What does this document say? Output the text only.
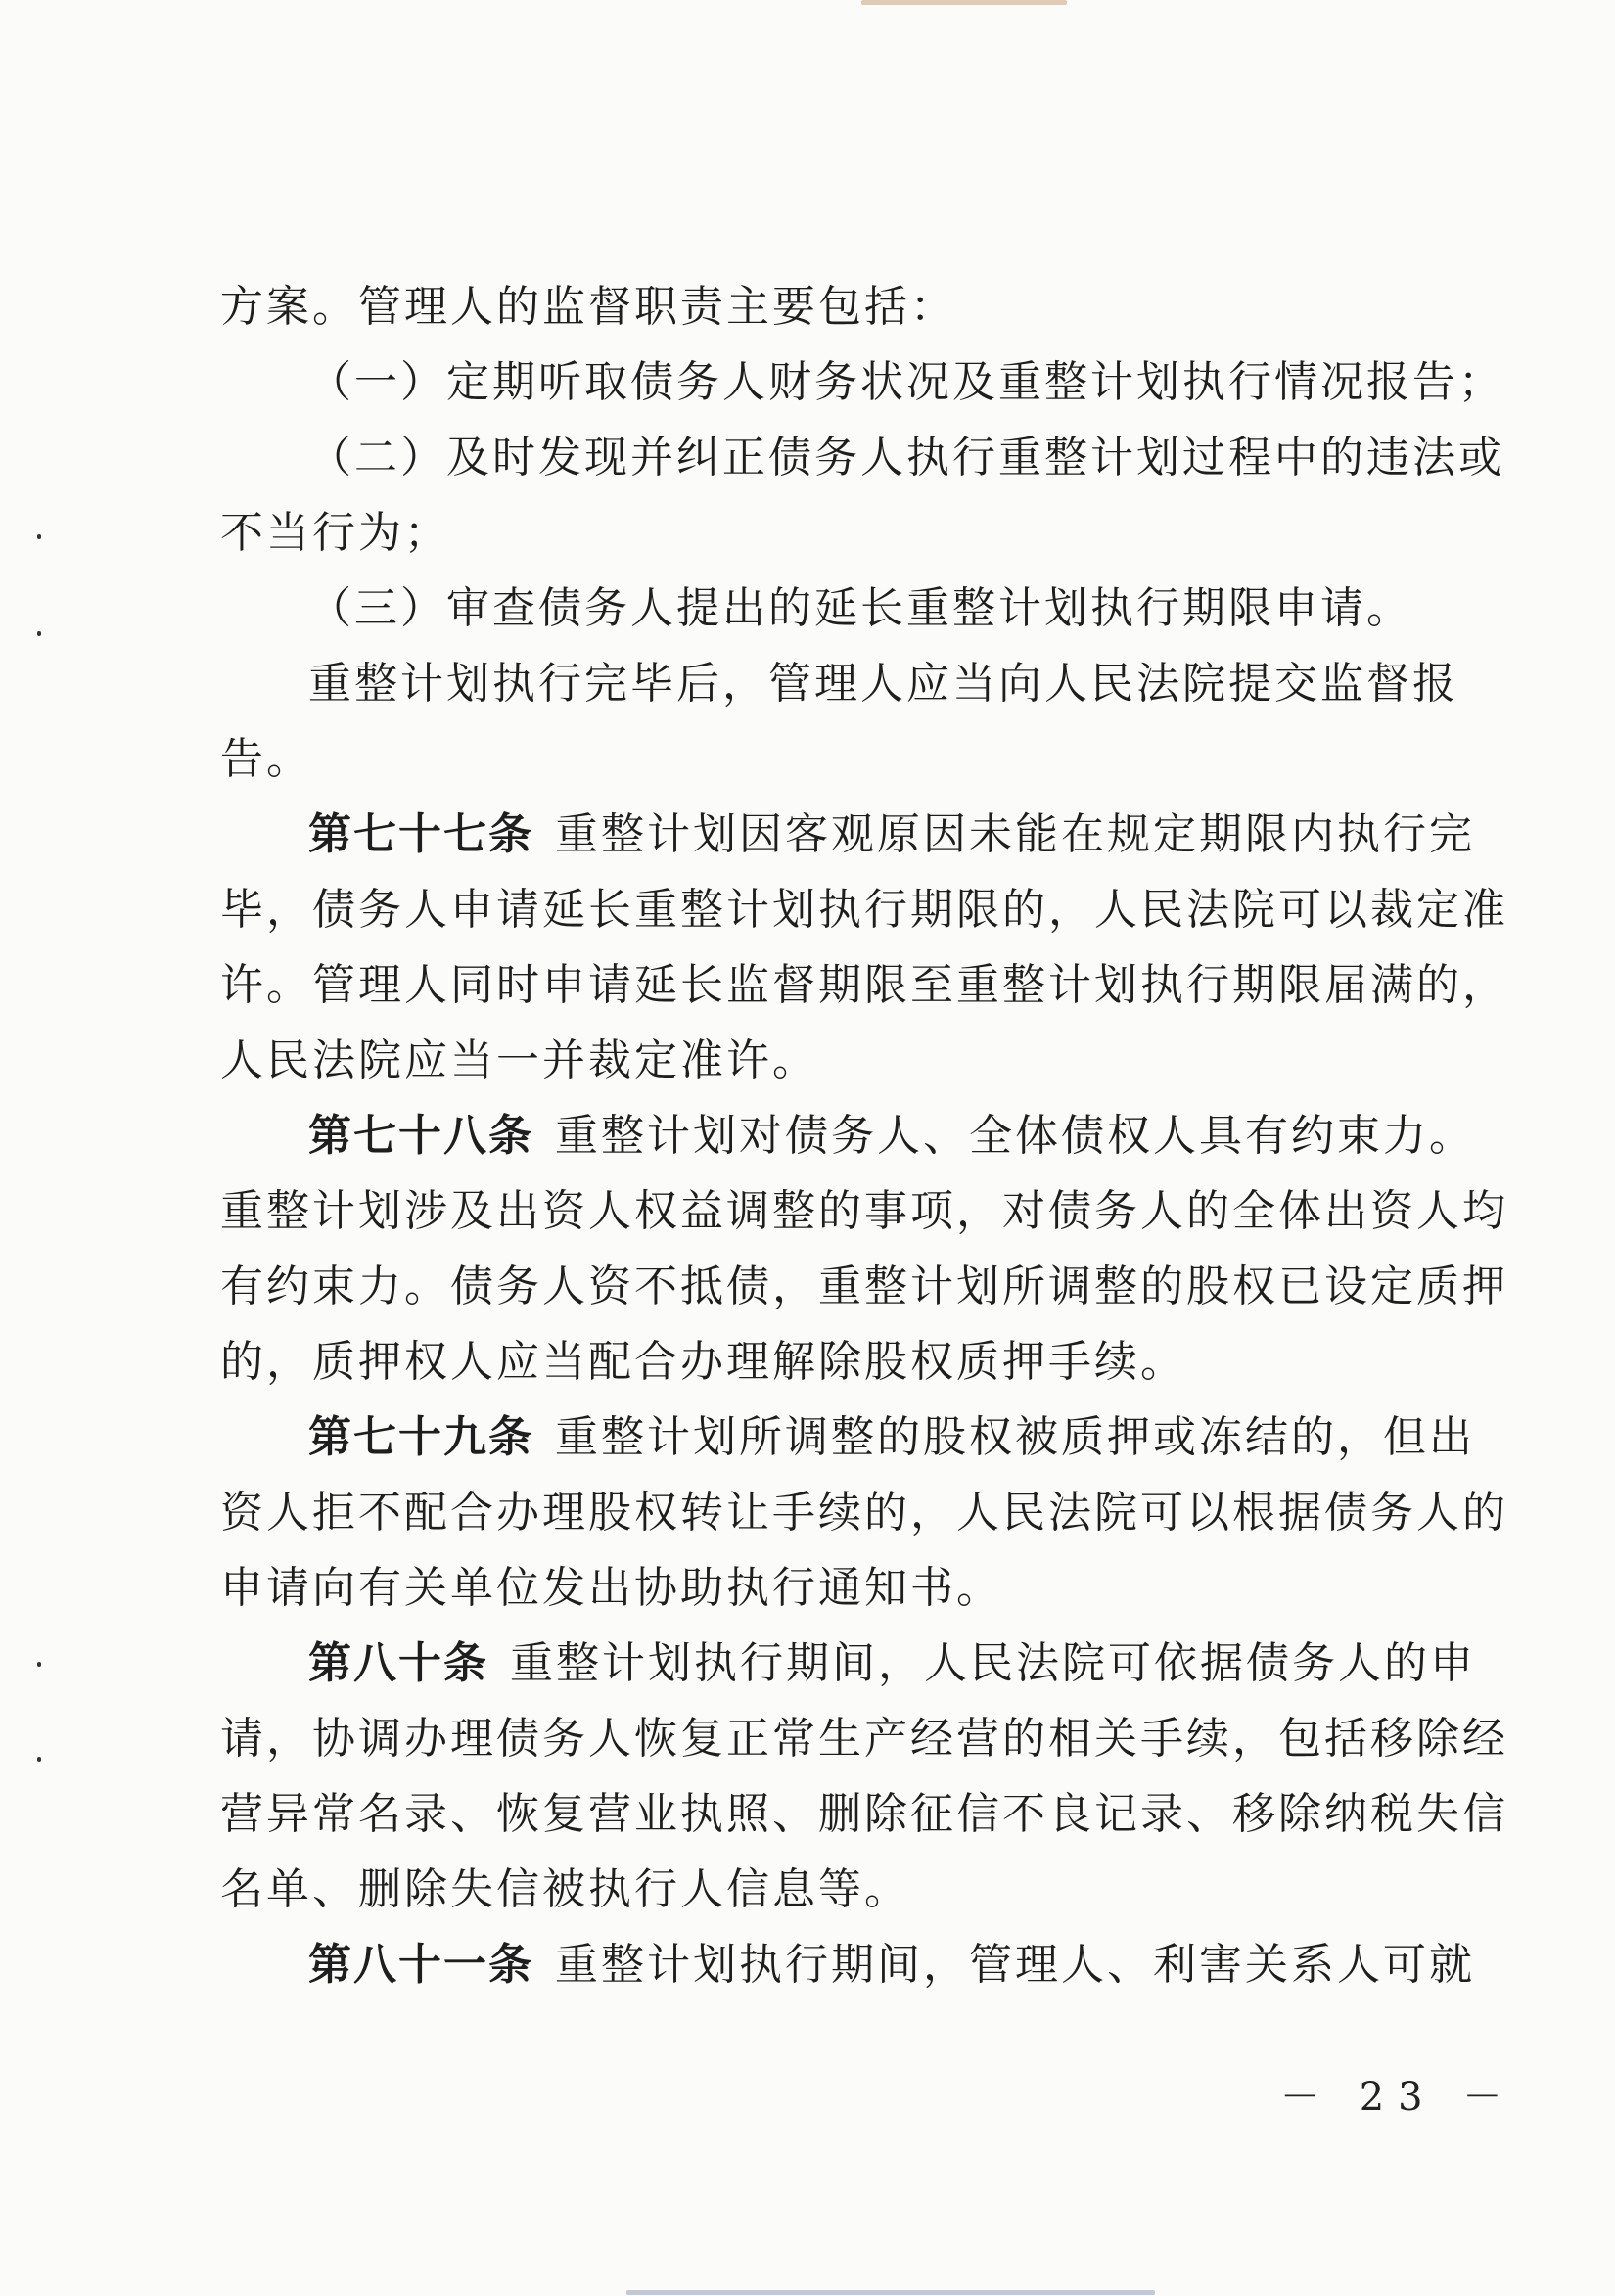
方案。管理人的监督职责主要包括：
（一）定期听取债务人财务状况及重整计划执行情况报告；
（二）及时发现并纠正债务人执行重整计划过程中的违法或
不当行为；
（三）审查债务人提出的延长重整计划执行期限申请。
重整计划执行完毕后，管理人应当向人民法院提交监督报
告。
第七十七条 重整计划因客观原因未能在规定期限内执行完
毕，债务人申请延长重整计划执行期限的，人民法院可以裁定准
许。管理人同时申请延长监督期限至重整计划执行期限届满的，
人民法院应当一并裁定准许。
第七十八条 重整计划对债务人、全体债权人具有约束力。
重整计划涉及出资人权益调整的事项，对债务人的全体出资人均
有约束力。债务人资不抵债，重整计划所调整的股权已设定质押
的，质押权人应当配合办理解除股权质押手续。
第七十九条 重整计划所调整的股权被质押或冻结的，但出
资人拒不配合办理股权转让手续的，人民法院可以根据债务人的
申请向有关单位发出协助执行通知书。
第八十条 重整计划执行期间，人民法院可依据债务人的申
请，协调办理债务人恢复正常生产经营的相关手续，包括移除经
营异常名录、恢复营业执照、删除征信不良记录、移除纳税失信
名单、删除失信被执行人信息等。
第八十一条 重整计划执行期间，管理人、利害关系人可就
－ 23 －
